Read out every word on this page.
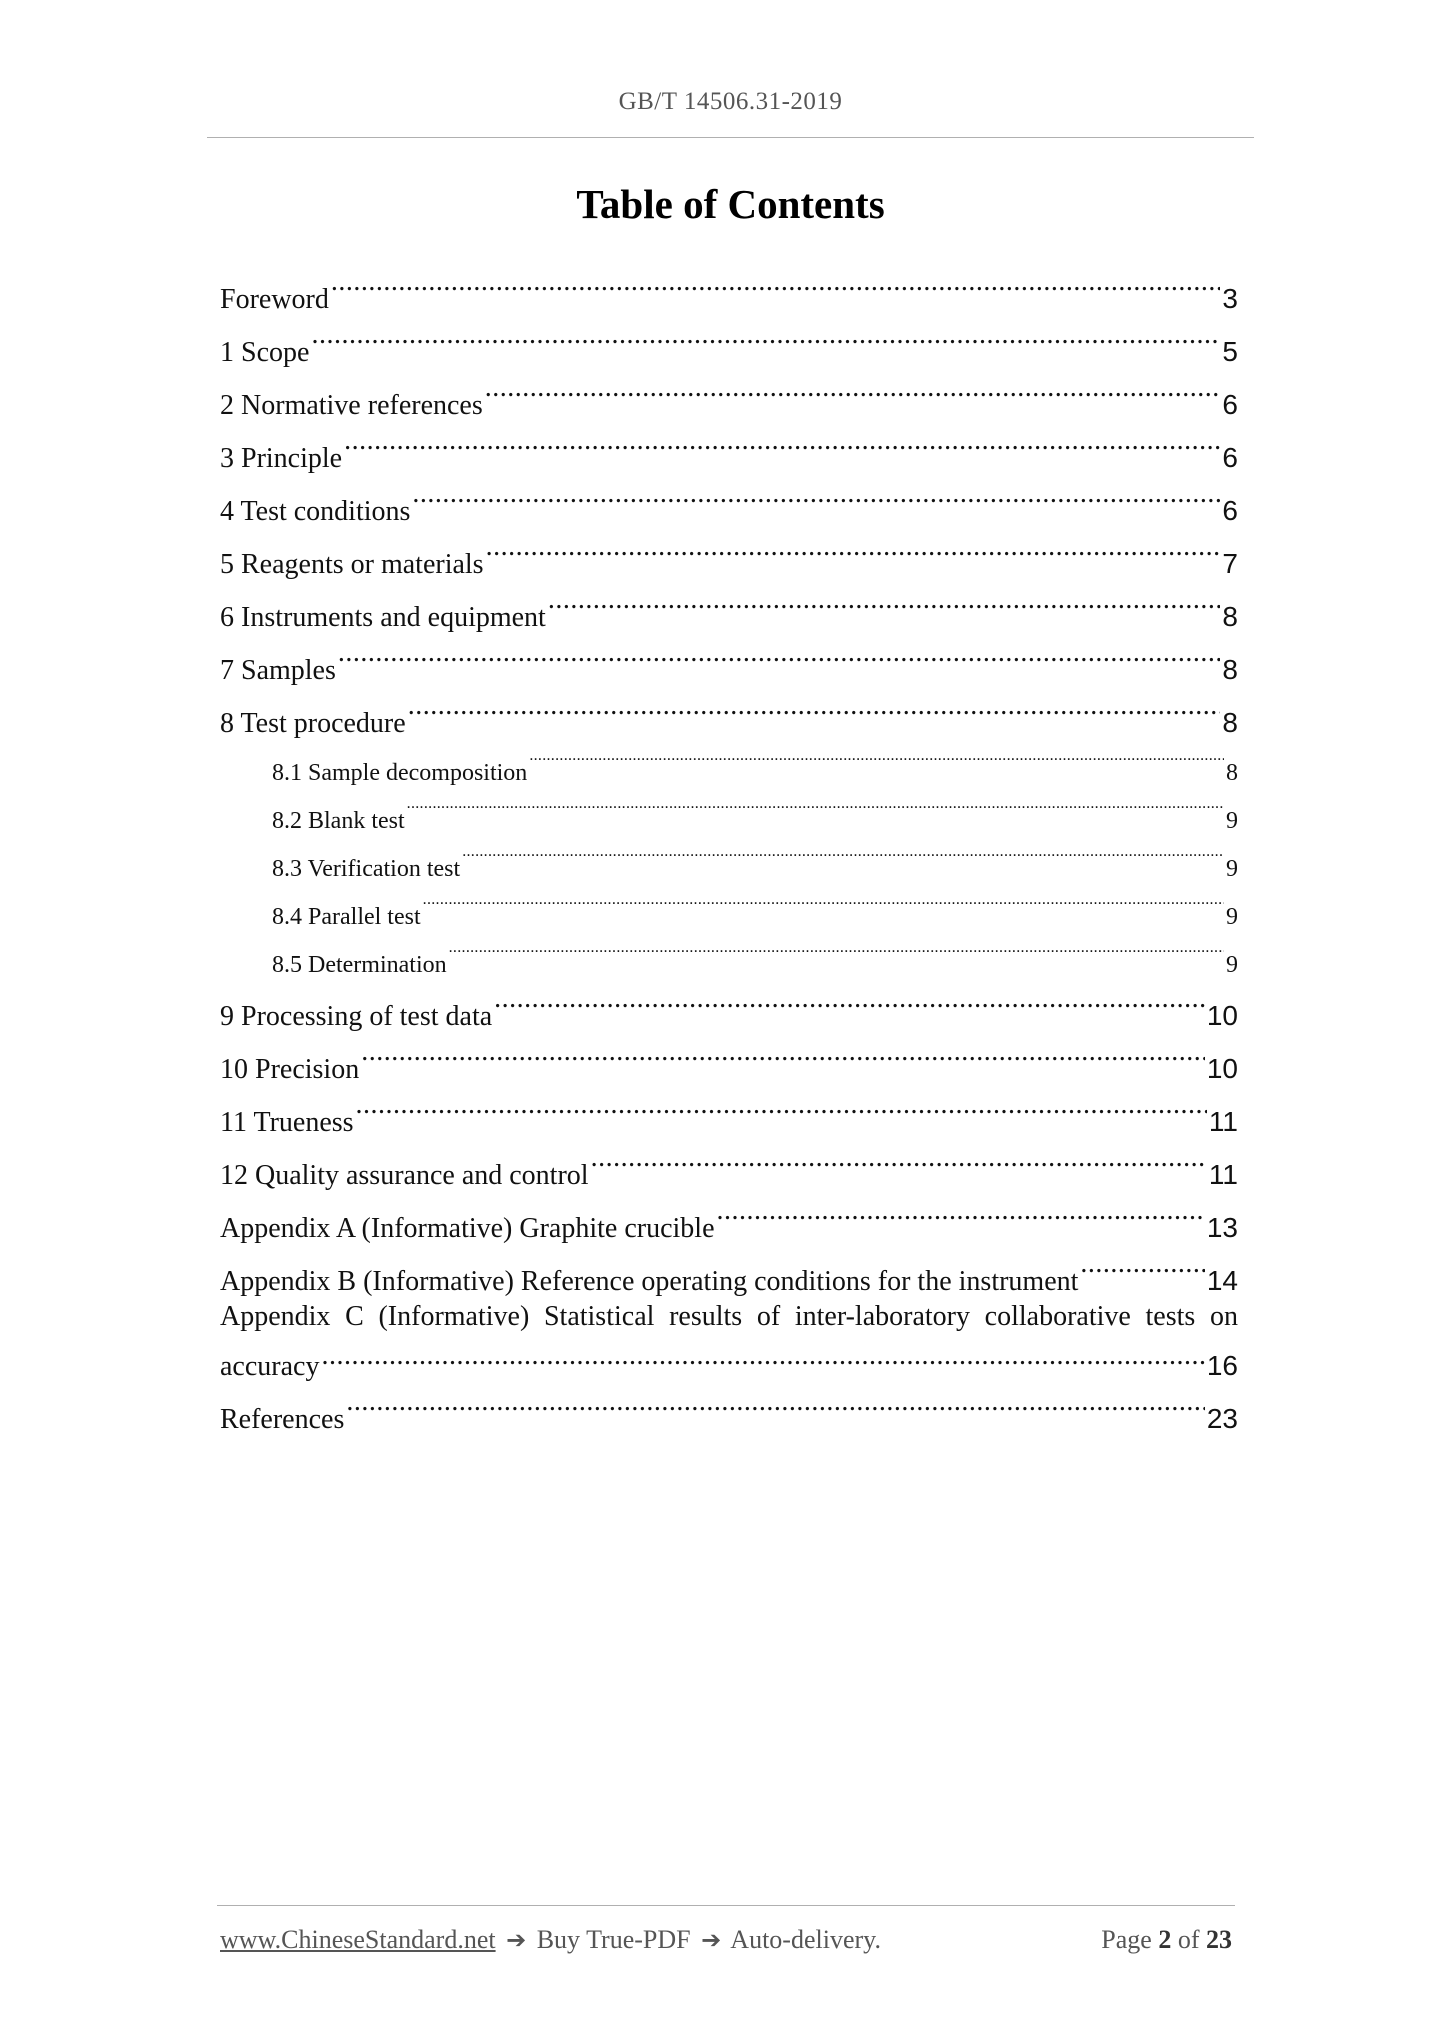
GB/T 14506.31-2019
Table of Contents
Foreword .....	3
1 Scope .....	5
2 Normative references .....	6
3 Principle .....	6
4 Test conditions .....	6
5 Reagents or materials .....	7
6 Instruments and equipment .....	8
7 Samples .....	8
8 Test procedure .....	8
8.1 Sample decomposition .....	8
8.2 Blank test .....	9
8.3 Verification test .....	9
8.4 Parallel test .....	9
8.5 Determination .....	9
9 Processing of test data .....	10
10 Precision .....	10
11 Trueness .....	11
12 Quality assurance and control .....	11
Appendix A (Informative) Graphite crucible .....	13
Appendix B (Informative) Reference operating conditions for the instrument .....	14
Appendix C (Informative) Statistical results of inter-laboratory collaborative tests on
accuracy .....	16
References .....	23
www.ChineseStandard.net ➔ Buy True-PDF ➔ Auto-delivery.	Page 2 of 23
